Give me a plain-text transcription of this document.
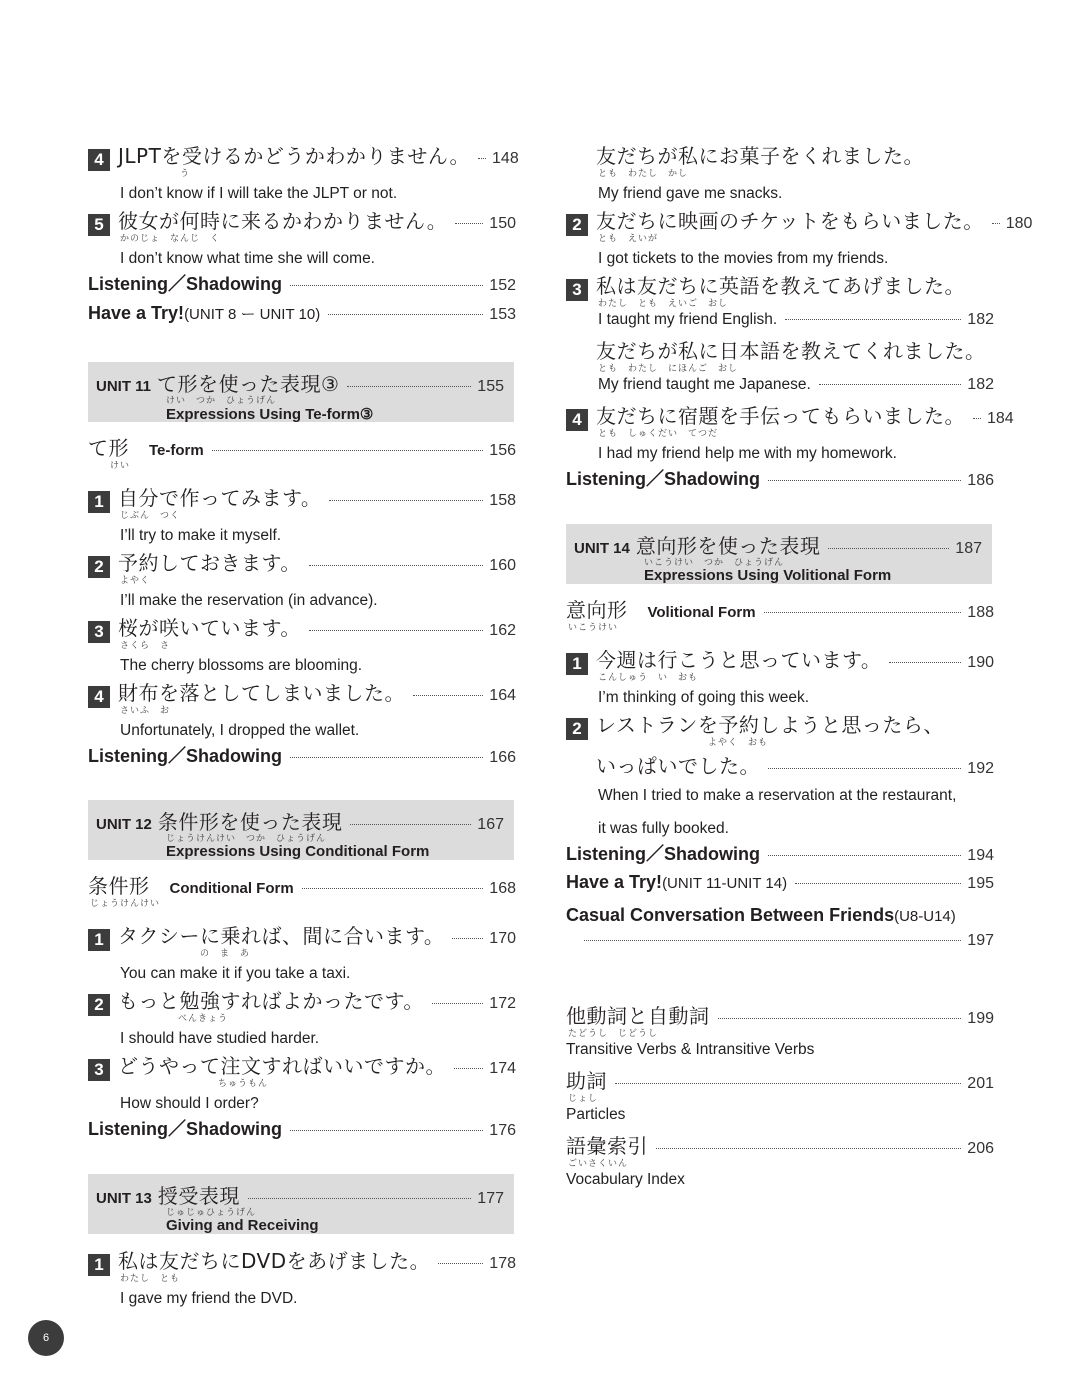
4 JLPTを受けるかどうかわかりません。 148
う
I don’t know if I will take the JLPT or not.
5 彼女が何時に来るかわかりません。	150
かのじょ　なんじ　く
I don’t know what time she will come.
Listening／Shadowing	152
Have a Try! (UNIT 8 ー UNIT 10)	153
UNIT 11 て形を使った表現③	155
けい　つか　ひょうげん
Expressions Using Te-form③
て形 Te-form	156
けい
1 自分で作ってみます。	158
じぶん　つく
I’ll try to make it myself.
2 予約しておきます。	160
よやく
I’ll make the reservation (in advance).
3 桜が咲いています。	162
さくら　さ
The cherry blossoms are blooming.
4 財布を落としてしまいました。	164
さいふ　お
Unfortunately, I dropped the wallet.
Listening／Shadowing	166
UNIT 12 条件形を使った表現	167
じょうけんけい　つか　ひょうげん
Expressions Using Conditional Form
条件形 Conditional Form	168
じょうけんけい
1 タクシーに乗れば、間に合います。	170
の　ま　あ
You can make it if you take a taxi.
2 もっと勉強すればよかったです。	172
べんきょう
I should have studied harder.
3 どうやって注文すればいいですか。	174
ちゅうもん
How should I order?
Listening／Shadowing	176
UNIT 13 授受表現	177
じゅじゅひょうげん
Giving and Receiving
1 私は友だちにDVDをあげました。	178
わたし　とも
I gave my friend the DVD.
友だちが私にお菓子をくれました。
とも　わたし　かし
My friend gave me snacks.
2 友だちに映画のチケットをもらいました。 180
とも　えいが
I got tickets to the movies from my friends.
3 私は友だちに英語を教えてあげました。
わたし　とも　えいご　おし
I taught my friend English.	182
友だちが私に日本語を教えてくれました。
とも　わたし　にほんご　おし
My friend taught me Japanese.	182
4 友だちに宿題を手伝ってもらいました。 184
とも　しゅくだい　てつだ
I had my friend help me with my homework.
Listening／Shadowing	186
UNIT 14 意向形を使った表現	187
いこうけい　つか　ひょうげん
Expressions Using Volitional Form
意向形 Volitional Form	188
いこうけい
1 今週は行こうと思っています。	190
こんしゅう　い　おも
I’m thinking of going this week.
2 レストランを予約しようと思ったら、
よやく　おも
いっぱいでした。	192
When I tried to make a reservation at the restaurant,
it was fully booked.
Listening／Shadowing	194
Have a Try! (UNIT 11-UNIT 14)	195
Casual Conversation Between Friends (U8-U14)
197
他動詞と自動詞	199
たどうし　じどうし
Transitive Verbs & Intransitive Verbs
助詞	201
じょし
Particles
語彙索引	206
ごいさくいん
Vocabulary Index
6
